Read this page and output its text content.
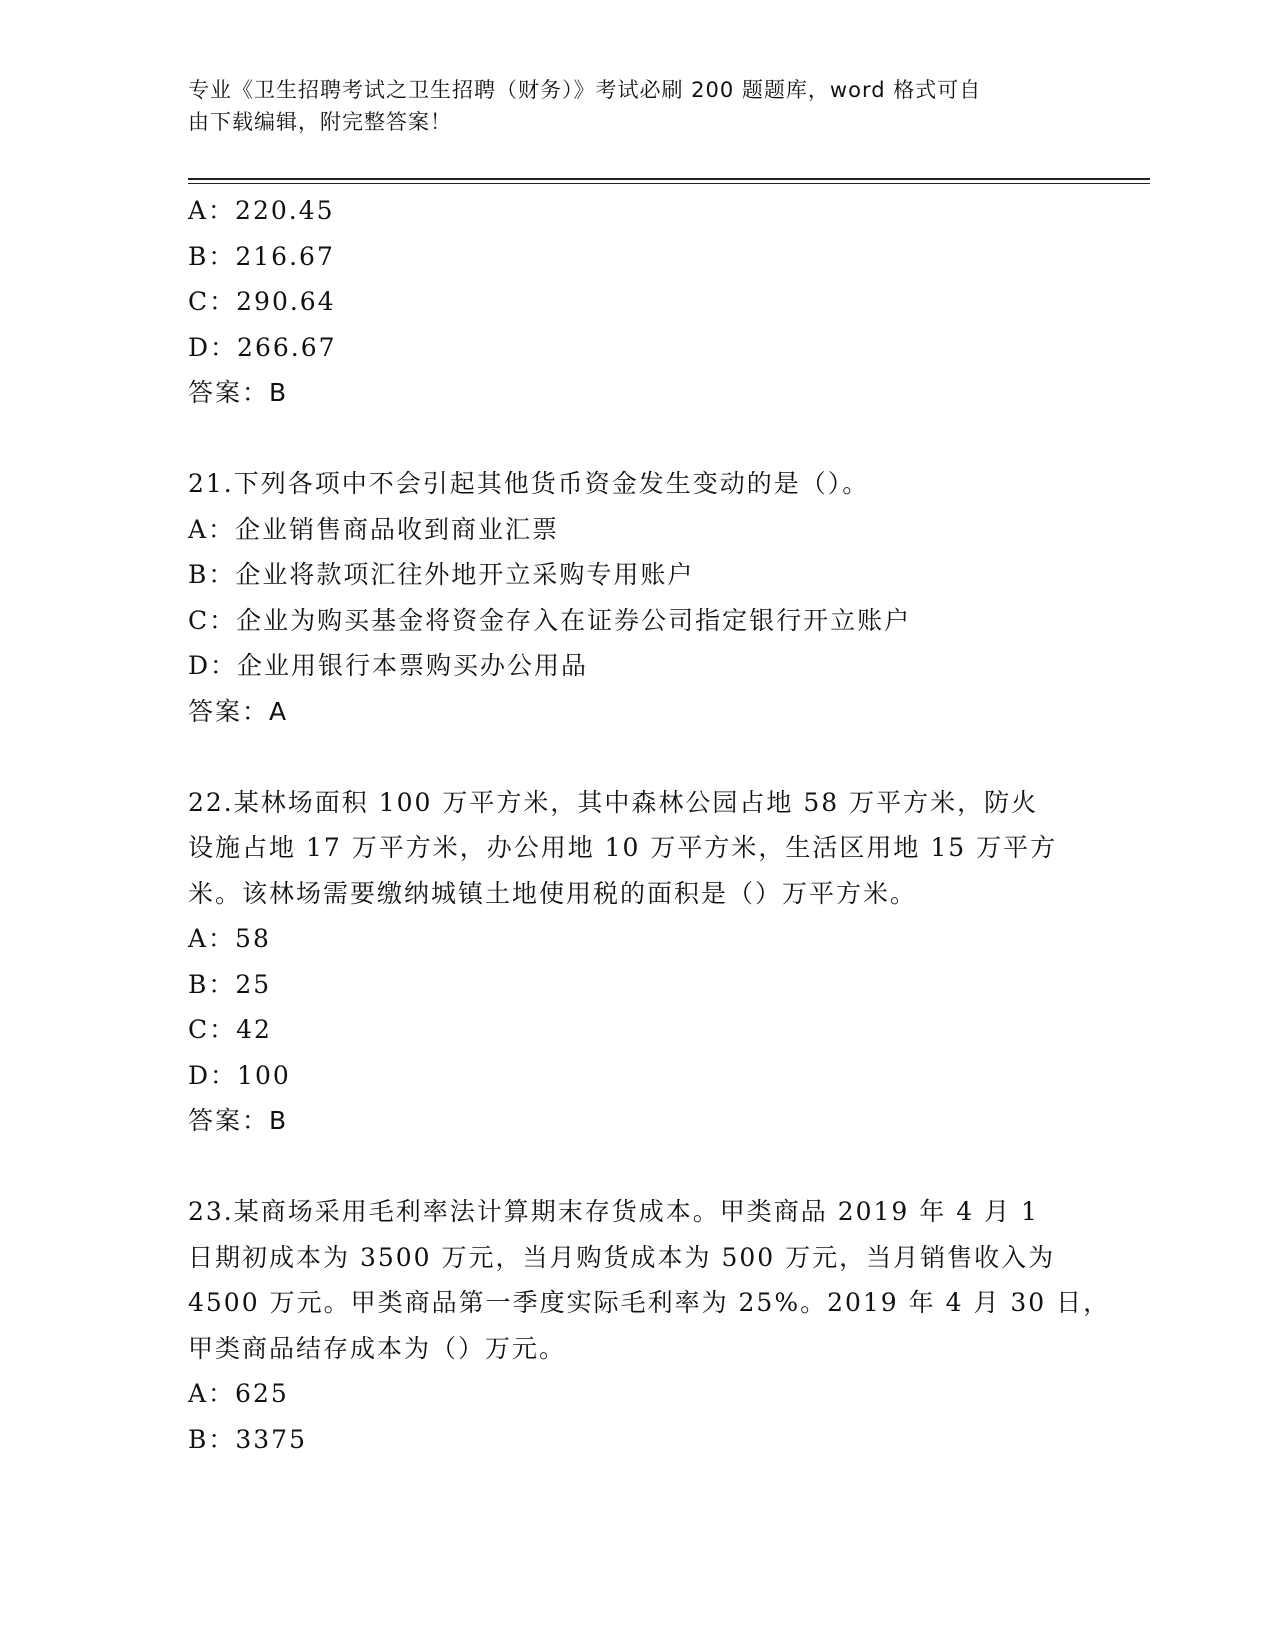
专业《卫生招聘考试之卫生招聘（财务）》考试必刷 200 题题库，word 格式可自
由下载编辑，附完整答案！
A：220.45
B：216.67
C：290.64
D：266.67
答案：B
21.下列各项中不会引起其他货币资金发生变动的是（）。
A：企业销售商品收到商业汇票
B：企业将款项汇往外地开立采购专用账户
C：企业为购买基金将资金存入在证券公司指定银行开立账户
D：企业用银行本票购买办公用品
答案：A
22.某林场面积 100 万平方米，其中森林公园占地 58 万平方米，防火
设施占地 17 万平方米，办公用地 10 万平方米，生活区用地 15 万平方
米。该林场需要缴纳城镇土地使用税的面积是（）万平方米。
A：58
B：25
C：42
D：100
答案：B
23.某商场采用毛利率法计算期末存货成本。甲类商品 2019 年 4 月 1
日期初成本为 3500 万元，当月购货成本为 500 万元，当月销售收入为
4500 万元。甲类商品第一季度实际毛利率为 25%。2019 年 4 月 30 日，
甲类商品结存成本为（）万元。
A：625
B：3375
